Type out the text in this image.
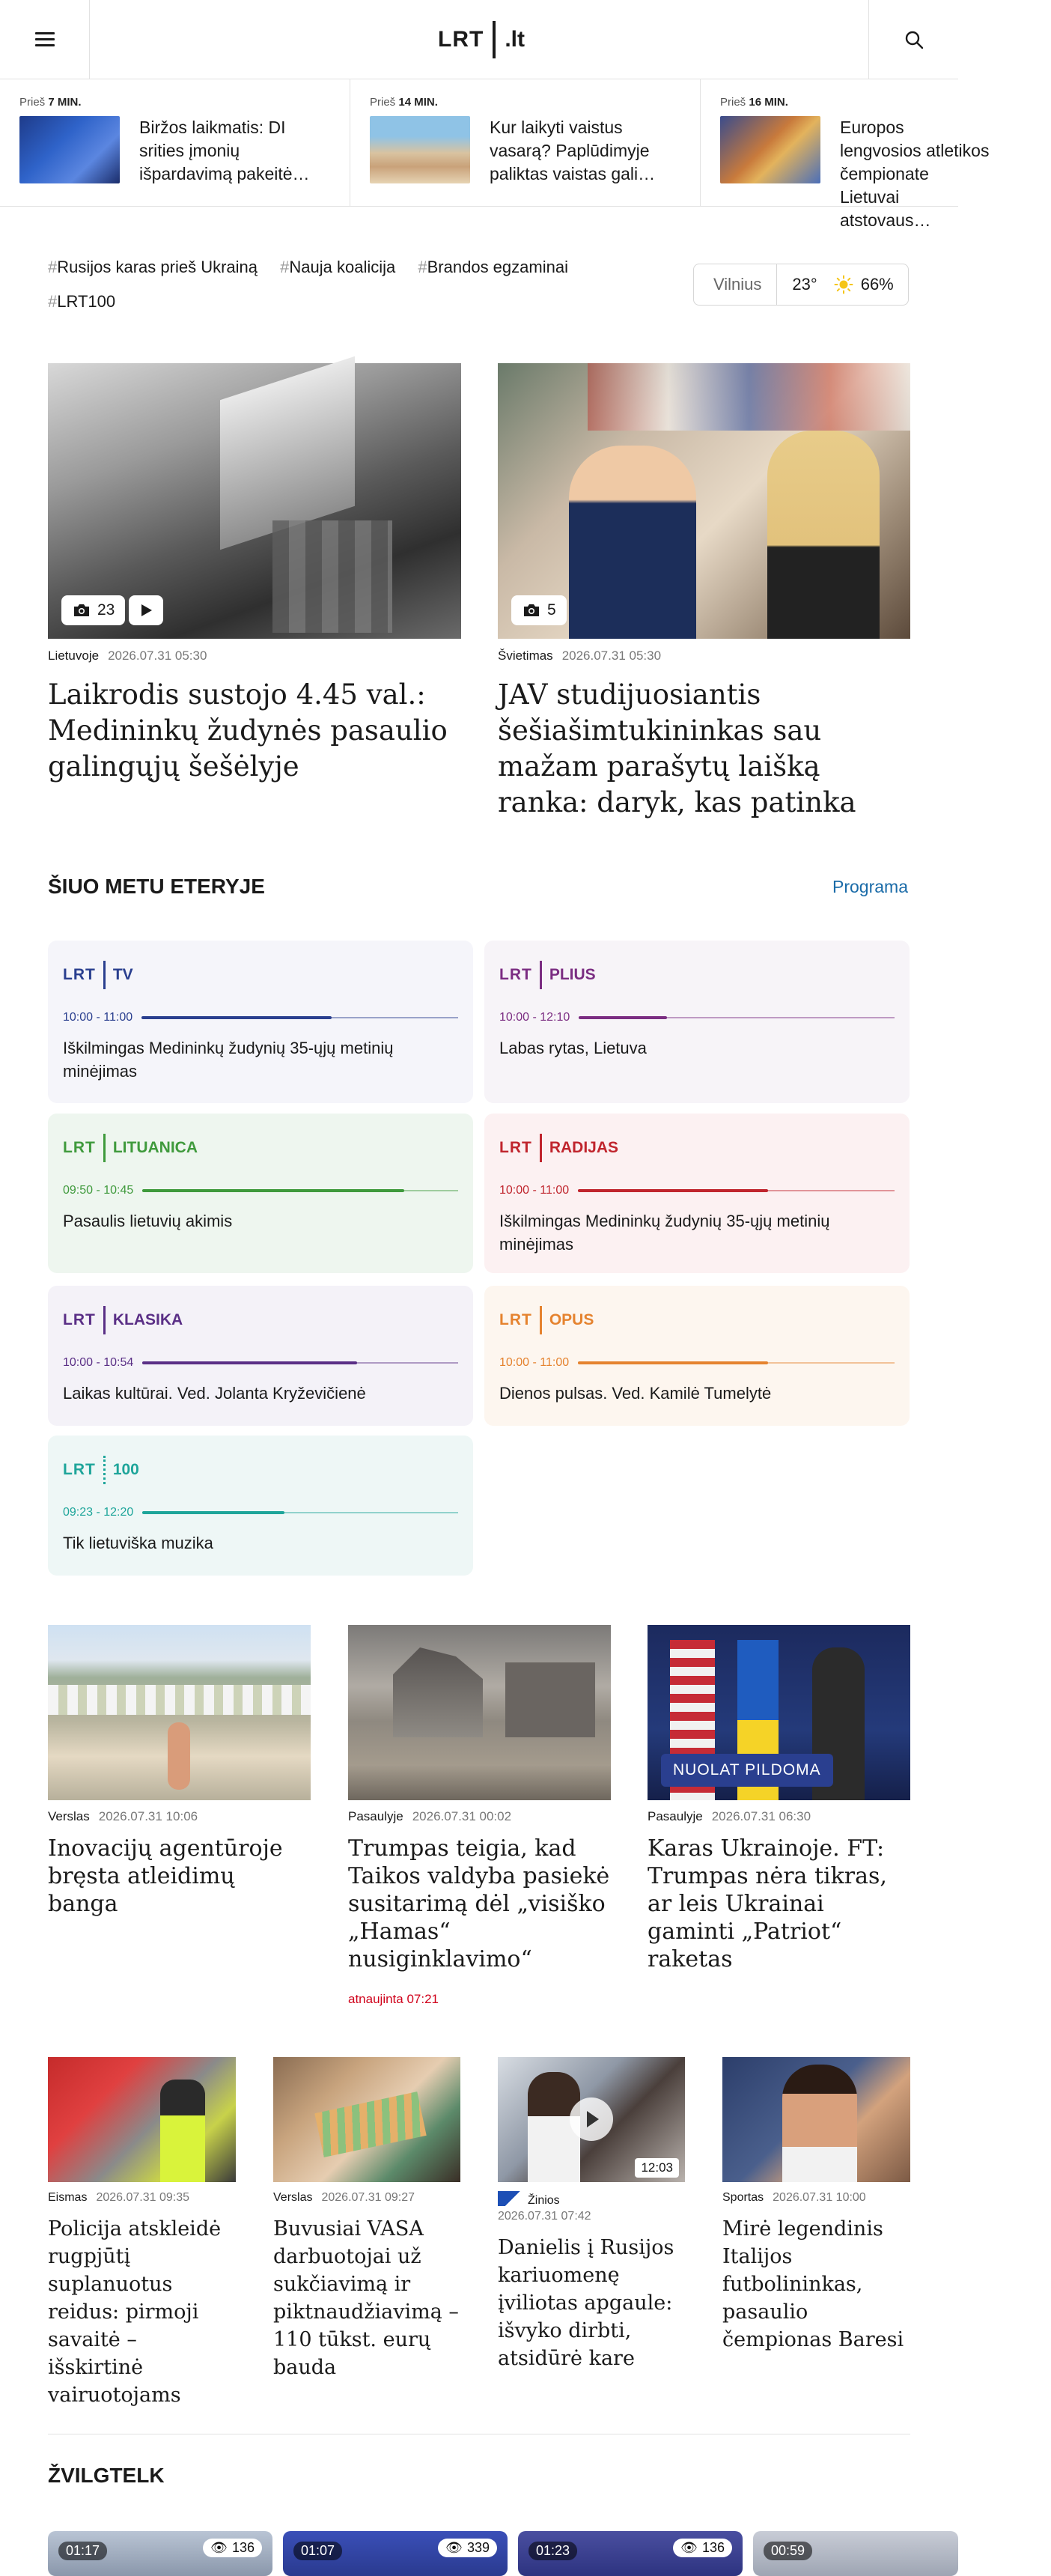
LRT .lt
Prieš 7 MIN.
Biržos laikmatis: DI srities įmonių išpardavimą pakeitė…
Prieš 14 MIN.
Kur laikyti vaistus vasarą? Paplūdimyje paliktas vaistas gali…
Prieš 16 MIN.
Europos lengvosios atletikos čempionate Lietuvai atstovaus…
#Rusijos karas prieš Ukrainą #Nauja koalicija #Brandos egzaminai
#LRT100
Vilnius 23°	66%
23
Lietuvoje 2026.07.31 05:30
Laikrodis sustojo 4.45 val.: Medininkų žudynės pasaulio galingųjų šešėlyje
5
Švietimas 2026.07.31 05:30
JAV studijuosiantis šešiašimtukininkas sau mažam parašytų laišką ranka: daryk, kas patinka
ŠIUO METU ETERYJE	Programa
LRT TV
10:00 - 11:00
Iškilmingas Medininkų žudynių 35-ųjų metinių minėjimas
LRT PLIUS
10:00 - 12:10
Labas rytas, Lietuva
LRT LITUANICA
09:50 - 10:45
Pasaulis lietuvių akimis
LRT RADIJAS
10:00 - 11:00
Iškilmingas Medininkų žudynių 35-ųjų metinių minėjimas
LRT KLASIKA
10:00 - 10:54
Laikas kultūrai. Ved. Jolanta Kryževičienė
LRT OPUS
10:00 - 11:00
Dienos pulsas. Ved. Kamilė Tumelytė
LRT 100
09:23 - 12:20
Tik lietuviška muzika
Verslas 2026.07.31 10:06
Inovacijų agentūroje bręsta atleidimų banga
Pasaulyje 2026.07.31 00:02
Trumpas teigia, kad Taikos valdyba pasiekė susitarimą dėl „visiško „Hamas“ nusiginklavimo“
atnaujinta 07:21
NUOLAT PILDOMA
Pasaulyje 2026.07.31 06:30
Karas Ukrainoje. FT: Trumpas nėra tikras, ar leis Ukrainai gaminti „Patriot“ raketas
Eismas 2026.07.31 09:35
Policija atskleidė rugpjūtį suplanuotus reidus: pirmoji savaitė – išskirtinė vairuotojams
Verslas 2026.07.31 09:27
Buvusiai VASA darbuotojai už sukčiavimą ir piktnaudžiavimą – 110 tūkst. eurų bauda
12:03
Žinios
2026.07.31 07:42
Danielis į Rusijos kariuomenę įviliotas apgaule: išvyko dirbti, atsidūrė kare
Sportas 2026.07.31 10:00
Mirė legendinis Italijos futbolininkas, pasaulio čempionas Baresi
ŽVILGTELK
01:17	👁 136	01:07	👁 339	01:23	👁 136	00:59
